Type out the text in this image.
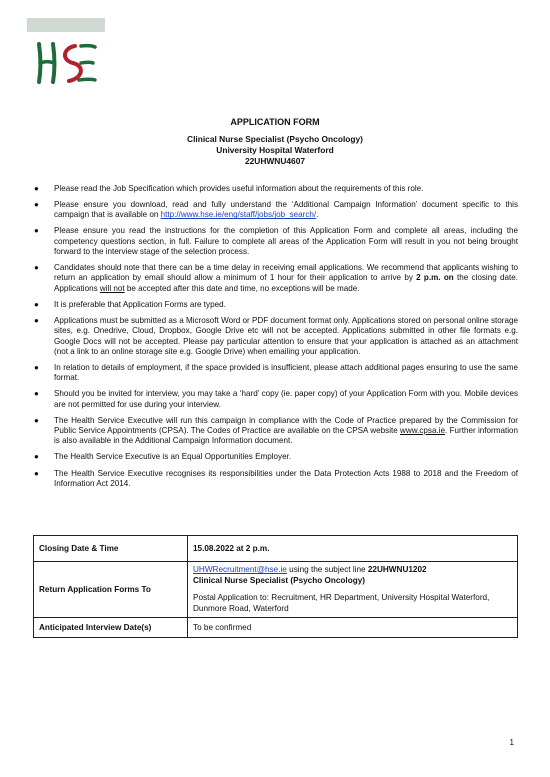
APPLICATION FORM
Clinical Nurse Specialist (Psycho Oncology)
University Hospital Waterford
22UHWNU4607
● Please read the Job Specification which provides useful information about the requirements of this role.
● Please ensure you download, read and fully understand the ‘Additional Campaign Information’ document specific to this campaign that is available on http://www.hse.ie/eng/staff/jobs/job_search/.
● Please ensure you read the instructions for the completion of this Application Form and complete all areas, including the competency questions section, in full. Failure to complete all areas of the Application Form will result in you not being brought forward to the interview stage of the selection process.
● Candidates should note that there can be a time delay in receiving email applications. We recommend that applicants wishing to return an application by email should allow a minimum of 1 hour for their application to arrive by 2 p.m. on the closing date. Applications will not be accepted after this date and time, no exceptions will be made.
● It is preferable that Application Forms are typed.
● Applications must be submitted as a Microsoft Word or PDF document format only. Applications stored on personal online storage sites, e.g. Onedrive, Cloud, Dropbox, Google Drive etc will not be accepted. Applications submitted in other file formats e.g. Google Docs will not be accepted. Please pay particular attention to ensure that your application is attached as an attachment (not a link to an online storage site e.g. Google Drive) when emailing your application.
● In relation to details of employment, if the space provided is insufficient, please attach additional pages ensuring to use the same format.
● Should you be invited for interview, you may take a ‘hard’ copy (ie. paper copy) of your Application Form with you. Mobile devices are not permitted for use during your interview.
● The Health Service Executive will run this campaign in compliance with the Code of Practice prepared by the Commission for Public Service Appointments (CPSA). The Codes of Practice are available on the CPSA website www.cpsa.ie. Further information is also available in the Additional Campaign Information document.
● The Health Service Executive is an Equal Opportunities Employer.
● The Health Service Executive recognises its responsibilities under the Data Protection Acts 1988 to 2018 and the Freedom of Information Act 2014.
Closing Date & Time	15.08.2022 at 2 p.m.
Return Application Forms To	UHWRecruitment@hse.ie using the subject line 22UHWNU1202
Clinical Nurse Specialist (Psycho Oncology)
Postal Application to: Recruitment, HR Department, University Hospital Waterford, Dunmore Road, Waterford

Anticipated Interview Date(s)	To be confirmed
1
